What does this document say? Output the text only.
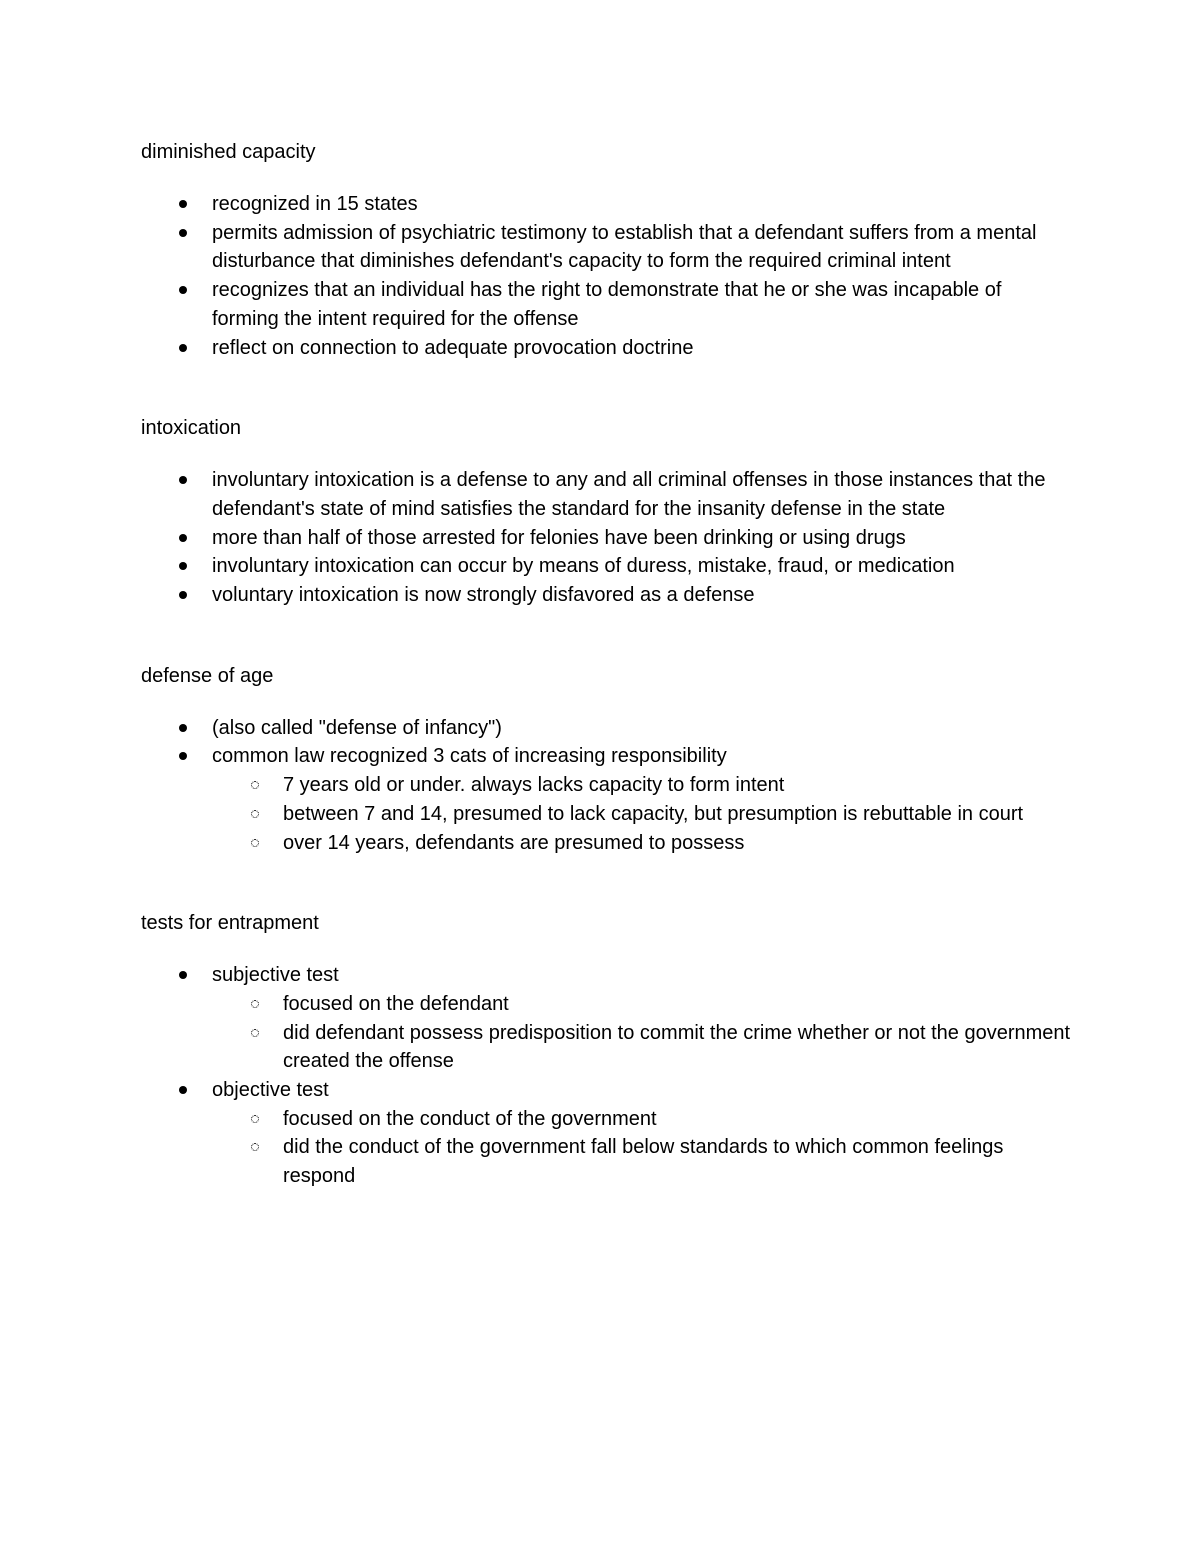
diminished capacity

recognized in 15 states
permits admission of psychiatric testimony to establish that a defendant suffers from a mental disturbance that diminishes defendant's capacity to form the required criminal intent
recognizes that an individual has the right to demonstrate that he or she was incapable of forming the intent required for the offense
reflect on connection to adequate provocation doctrine

intoxication

involuntary intoxication is a defense to any and all criminal offenses in those instances that the defendant's state of mind satisfies the standard for the insanity defense in the state
more than half of those arrested for felonies have been drinking or using drugs
involuntary intoxication can occur by means of duress, mistake, fraud, or medication
voluntary intoxication is now strongly disfavored as a defense

defense of age

(also called "defense of infancy")
common law recognized 3 cats of increasing responsibility
7 years old or under. always lacks capacity to form intent
between 7 and 14, presumed to lack capacity, but presumption is rebuttable in court
over 14 years, defendants are presumed to possess

tests for entrapment

subjective test
focused on the defendant
did defendant possess predisposition to commit the crime whether or not the government created the offense
objective test
focused on the conduct of the government
did the conduct of the government fall below standards to which common feelings respond
